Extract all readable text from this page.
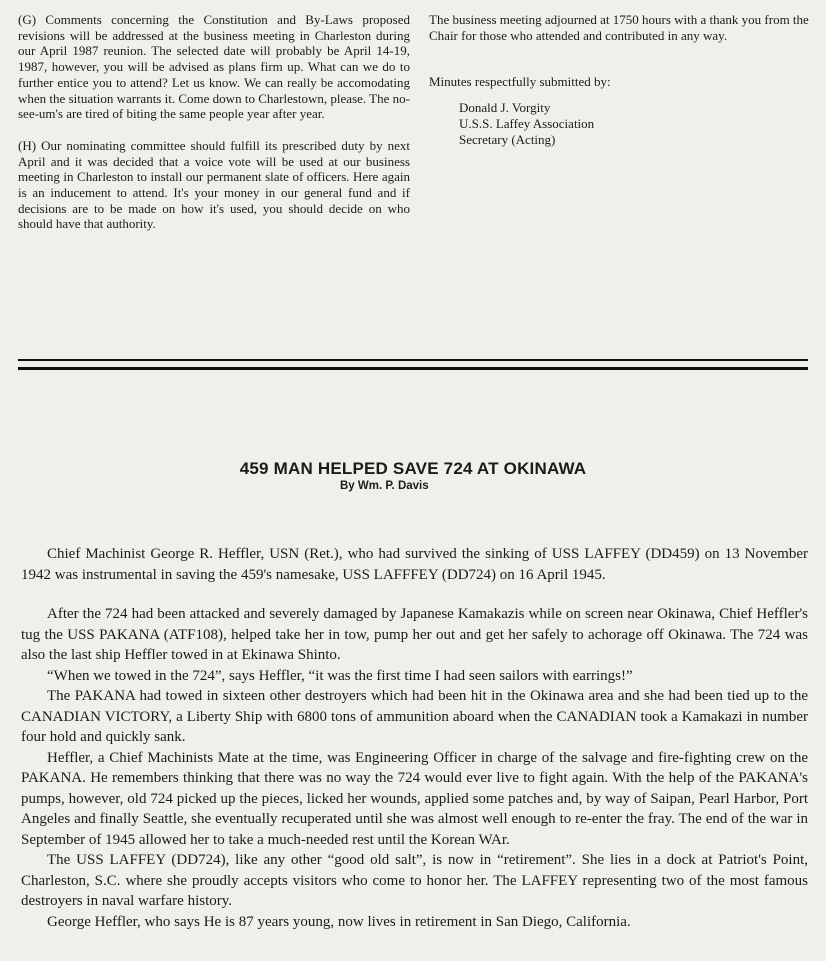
(G) Comments concerning the Constitution and By-Laws proposed revisions will be addressed at the business meeting in Charleston during our April 1987 reunion. The selected date will probably be April 14-19, 1987, however, you will be advised as plans firm up. What can we do to further entice you to attend? Let us know. We can really be accomodating when the situation warrants it. Come down to Charlestown, please. The no-see-um's are tired of biting the same people year after year.

(H) Our nominating committee should fulfill its prescribed duty by next April and it was decided that a voice vote will be used at our business meeting in Charleston to install our permanent slate of officers. Here again is an inducement to attend. It's your money in our general fund and if decisions are to be made on how it's used, you should decide on who should have that authority.

The business meeting adjourned at 1750 hours with a thank you from the Chair for those who attended and contributed in any way.

Minutes respectfully submitted by:

Donald J. Vorgity
U.S.S. Laffey Association
Secretary (Acting)
459 MAN HELPED SAVE 724 AT OKINAWA
By Wm. P. Davis

Chief Machinist George R. Heffler, USN (Ret.), who had survived the sinking of USS LAFFEY (DD459) on 13 November 1942 was instrumental in saving the 459's namesake, USS LAFFFEY (DD724) on 16 April 1945.

After the 724 had been attacked and severely damaged by Japanese Kamakazis while on screen near Okinawa, Chief Heffler's tug the USS PAKANA (ATF108), helped take her in tow, pump her out and get her safely to achorage off Okinawa. The 724 was also the last ship Heffler towed in at Ekinawa Shinto.

“When we towed in the 724”, says Heffler, “it was the first time I had seen sailors with earrings!”

The PAKANA had towed in sixteen other destroyers which had been hit in the Okinawa area and she had been tied up to the CANADIAN VICTORY, a Liberty Ship with 6800 tons of ammunition aboard when the CANADIAN took a Kamakazi in number four hold and quickly sank.

Heffler, a Chief Machinists Mate at the time, was Engineering Officer in charge of the salvage and fire-fighting crew on the PAKANA. He remembers thinking that there was no way the 724 would ever live to fight again. With the help of the PAKANA's pumps, however, old 724 picked up the pieces, licked her wounds, applied some patches and, by way of Saipan, Pearl Harbor, Port Angeles and finally Seattle, she eventually recuperated until she was almost well enough to re-enter the fray. The end of the war in September of 1945 allowed her to take a much-needed rest until the Korean WAr.

The USS LAFFEY (DD724), like any other “good old salt”, is now in “retirement”. She lies in a dock at Patriot's Point, Charleston, S.C. where she proudly accepts visitors who come to honor her. The LAFFEY representing two of the most famous destroyers in naval warfare history.

George Heffler, who says He is 87 years young, now lives in retirement in San Diego, California.
